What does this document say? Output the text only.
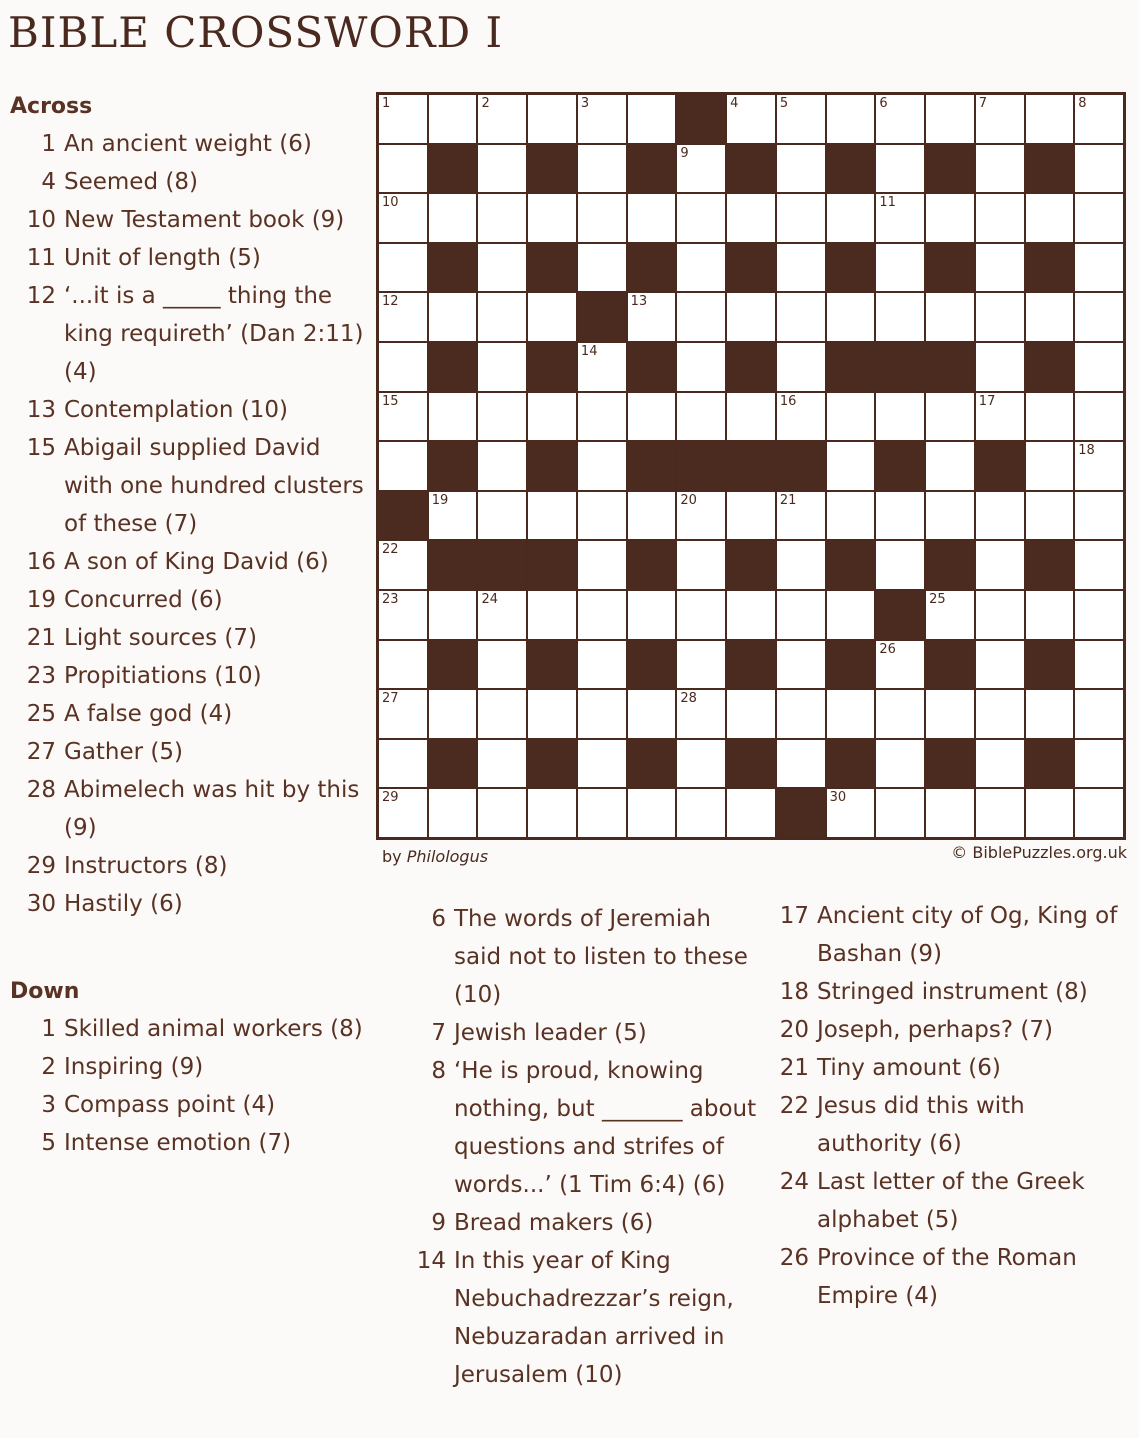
BIBLE CROSSWORD I
Across
1 An ancient weight (6)
4 Seemed (8)
10 New Testament book (9)
11 Unit of length (5)
12 ‘...it is a _____ thing the king requireth’ (Dan 2:11) (4)
13 Contemplation (10)
15 Abigail supplied David with one hundred clusters of these (7)
16 A son of King David (6)
19 Concurred (6)
21 Light sources (7)
23 Propitiations (10)
25 A false god (4)
27 Gather (5)
28 Abimelech was hit by this (9)
29 Instructors (8)
30 Hastily (6)
Down
1 Skilled animal workers (8)
2 Inspiring (9)
3 Compass point (4)
5 Intense emotion (7)
1	2	3	4	5	6	7	8
9
10	11
12	13
14
15	16	17
18
19	20	21
22
23	24	25
26
27	28
29	30
by Philologus	© BiblePuzzles.org.uk
6 The words of Jeremiah said not to listen to these (10)
7 Jewish leader (5)
8 ‘He is proud, knowing nothing, but _______ about questions and strifes of words...’ (1 Tim 6:4) (6)
9 Bread makers (6)
14 In this year of King Nebuchadrezzar’s reign, Nebuzaradan arrived in Jerusalem (10)
17 Ancient city of Og, King of Bashan (9)
18 Stringed instrument (8)
20 Joseph, perhaps? (7)
21 Tiny amount (6)
22 Jesus did this with authority (6)
24 Last letter of the Greek alphabet (5)
26 Province of the Roman Empire (4)
